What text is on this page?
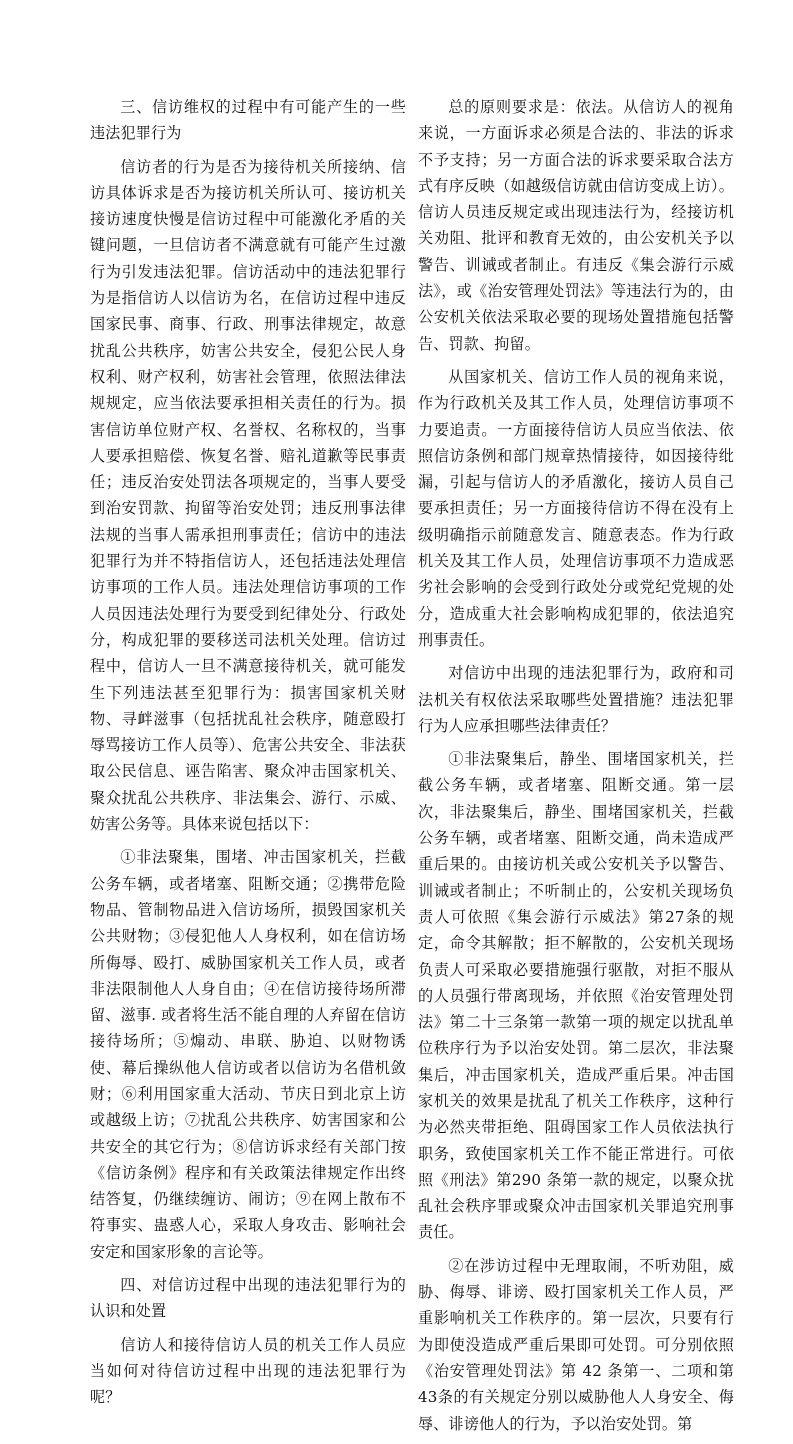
三、信访维权的过程中有可能产生的一些违法犯罪行为

信访者的行为是否为接待机关所接纳、信访具体诉求是否为接访机关所认可、接访机关接访速度快慢是信访过程中可能激化矛盾的关键问题，一旦信访者不满意就有可能产生过激行为引发违法犯罪。信访活动中的违法犯罪行为是指信访人以信访为名，在信访过程中违反国家民事、商事、行政、刑事法律规定，故意扰乱公共秩序，妨害公共安全，侵犯公民人身权利、财产权利，妨害社会管理，依照法律法规规定，应当依法要承担相关责任的行为。损害信访单位财产权、名誉权、名称权的，当事人要承担赔偿、恢复名誉、赔礼道歉等民事责任；违反治安处罚法各项规定的，当事人要受到治安罚款、拘留等治安处罚；违反刑事法律法规的当事人需承担刑事责任；信访中的违法犯罪行为并不特指信访人，还包括违法处理信访事项的工作人员。违法处理信访事项的工作人员因违法处理行为要受到纪律处分、行政处分，构成犯罪的要移送司法机关处理。信访过程中，信访人一旦不满意接待机关，就可能发生下列违法甚至犯罪行为：损害国家机关财物、寻衅滋事（包括扰乱社会秩序，随意殴打辱骂接访工作人员等）、危害公共安全、非法获取公民信息、诬告陷害、聚众冲击国家机关、聚众扰乱公共秩序、非法集会、游行、示威、妨害公务等。具体来说包括以下：

①非法聚集，围堵、冲击国家机关，拦截公务车辆，或者堵塞、阻断交通；②携带危险物品、管制物品进入信访场所，损毁国家机关公共财物；③侵犯他人人身权利，如在信访场所侮辱、殴打、威胁国家机关工作人员，或者非法限制他人人身自由；④在信访接待场所滞留、滋事. 或者将生活不能自理的人弃留在信访接待场所；⑤煽动、串联、胁迫、以财物诱使、幕后操纵他人信访或者以信访为名借机敛财；⑥利用国家重大活动、节庆日到北京上访或越级上访；⑦扰乱公共秩序、妨害国家和公共安全的其它行为；⑧信访诉求经有关部门按《信访条例》程序和有关政策法律规定作出终结答复，仍继续缠访、闹访；⑨在网上散布不符事实、蛊惑人心，采取人身攻击、影响社会安定和国家形象的言论等。

四、对信访过程中出现的违法犯罪行为的认识和处置

信访人和接待信访人员的机关工作人员应当如何对待信访过程中出现的违法犯罪行为呢？

总的原则要求是：依法。从信访人的视角来说，一方面诉求必须是合法的、非法的诉求不予支持；另一方面合法的诉求要采取合法方式有序反映（如越级信访就由信访变成上访）。信访人员违反规定或出现违法行为，经接访机关劝阻、批评和教育无效的，由公安机关予以警告、训诫或者制止。有违反《集会游行示威法》，或《治安管理处罚法》等违法行为的，由公安机关依法采取必要的现场处置措施包括警告、罚款、拘留。

从国家机关、信访工作人员的视角来说，作为行政机关及其工作人员，处理信访事项不力要追责。一方面接待信访人员应当依法、依照信访条例和部门规章热情接待，如因接待纰漏，引起与信访人的矛盾激化，接访人员自己要承担责任；另一方面接待信访不得在没有上级明确指示前随意发言、随意表态。作为行政机关及其工作人员，处理信访事项不力造成恶劣社会影响的会受到行政处分或党纪党规的处分，造成重大社会影响构成犯罪的，依法追究刑事责任。

对信访中出现的违法犯罪行为，政府和司法机关有权依法采取哪些处置措施？违法犯罪行为人应承担哪些法律责任？

①非法聚集后，静坐、围堵国家机关，拦截公务车辆，或者堵塞、阻断交通。第一层次，非法聚集后，静坐、围堵国家机关，拦截公务车辆，或者堵塞、阻断交通，尚未造成严重后果的。由接访机关或公安机关予以警告、训诫或者制止；不听制止的，公安机关现场负责人可依照《集会游行示威法》第27条的规定，命令其解散；拒不解散的，公安机关现场负责人可采取必要措施强行驱散，对拒不服从的人员强行带离现场，并依照《治安管理处罚法》第二十三条第一款第一项的规定以扰乱单位秩序行为予以治安处罚。第二层次，非法聚集后，冲击国家机关，造成严重后果。冲击国家机关的效果是扰乱了机关工作秩序，这种行为必然夹带拒绝、阻碍国家工作人员依法执行职务，致使国家机关工作不能正常进行。可依照《刑法》第290 条第一款的规定，以聚众扰乱社会秩序罪或聚众冲击国家机关罪追究刑事责任。

②在涉访过程中无理取闹，不听劝阻，威胁、侮辱、诽谤、殴打国家机关工作人员，严重影响机关工作秩序的。第一层次，只要有行为即使没造成严重后果即可处罚。可分别依照《治安管理处罚法》第 42 条第一、二项和第43条的有关规定分别以威胁他人人身安全、侮辱、诽谤他人的行为，予以治安处罚。第
